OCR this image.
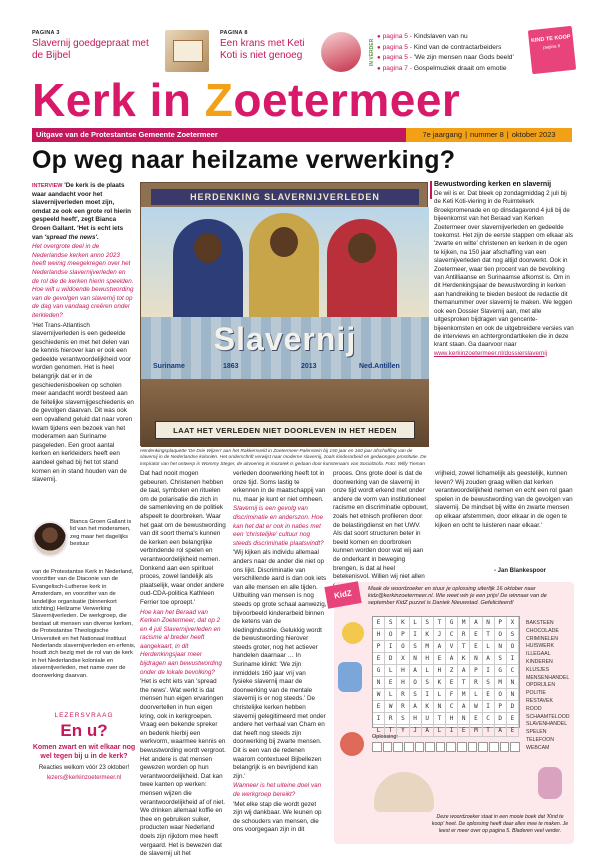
PAGINA 3
Slavernij goedgepraat met de Bijbel
PAGINA 8
Een krans met Keti Koti is niet genoeg	IN VERDER
● pagina 5 - Kindslaven van nu
● pagina 5 - Kind van de contractarbeiders
● pagina 5 - 'We zijn mensen naar Gods beeld'
● pagina 7 - Gospelmuziek draait om emotie
KIND TE KOOP
pagina 6
Kerk in Zoetermeer
Uitgave van de Protestantse Gemeente Zoetermeer	7e jaargang | nummer 8 | oktober 2023
Op weg naar heilzame verwerking?

INTERVIEW 'De kerk is de plaats waar aandacht voor het slavernijverleden moet zijn, omdat ze ook een grote rol hierin gespeeld heeft', zegt Bianca Groen Gallant. 'Het is echt iets van 'spread the news'.

Het overgrote deel in de Nederlandse kerken anno 2023 heeft weinig meegekregen over het Nederlandse slavernijverleden en de rol die de kerken hierin speelden. Hoe wilt u wildoende bewustwording van de gevolgen van slavernij tot op de dag van vandaag creëren onder iterkleden?

'Het Trans-Atlantisch slavernijverleden is een gedeelde geschiedenis en met het delen van de kennis hierover kan er ook een gedeelde verantwoordelijkheid voor worden genomen. Het is heel belangrijk dat er in de geschiedenisboeken op scholen meer aandacht wordt besteed aan de feitelijke slavernijgeschiedenis en de gevolgen daarvan. Dit was ook een opvallend geluid dat naar voren kwam tijdens een bezoek van het moderamen aan Suriname pasgeleden. Een groot aantal kerken en kerkleiders heeft een aandeel gehad bij het tot stand komen en in stand houden van de slavernij.

HERDENKING SLAVERNIJVERLEDEN
Slavernij
Suriname	1863	2013	Ned.Antillen
LAAT HET VERLEDEN NIET DOORLEVEN IN HET HEDEN
Herdenkingsplaquette 'De Drie Wijzen' aan het Rakkersveld in Zoetermeer-Palenstein bij 150 jaar en 160 jaar afschaffing van de slavernij in de Nederlandse koloniën. Het onderschrift verwijst naar moderne slavernij, zoals kinderarbeid en gedwongen prostitutie. De inspirator van het ontwerp is Wommy Steger, de uitvoering in mozaïek is gedaan door kunstenaars van SocialSofa. Foto: Willy Tieman
Bewustwording kerken en slavernij

De wil is er. Dat bleek op zondagmiddag 2 juli bij de Keti Koti-viering in de Ruimtekerk Broekpromenade en op dinsdagavond 4 juli bij de bijeenkomst van het Beraad van Kerken Zoetermeer over slavernijverleden en gedeelde toekomst. Het zijn de eerste stappen om elkaar als 'zwarte en witte' christenen en kerken in de ogen te kijken, na 150 jaar afschaffing van een slavernijverleden dat nog altijd doorwerkt. Ook in Zoetermeer, waar tien procent van de bevolking van Antilliaanse en Surinaamse afkomst is. Om in dit Herdenkingsjaar de bewustwording in kerken aan handreiking te bieden besloot de redactie dit themanummer over slavernij te maken. We leggen ook een Dossier Slavernij aan, met alle uitgesproken bijdragen van gencente-bijeenkomsten en ook de uitgebreidere versies van de interviews en achtergrondartikelen die in deze krant staan. Ga daarvoor naar www.kerkinzoetermeer.nl/dossierslavernij

Bianca Groen Gallant is lid van het moderamen, zeg maar het dagelijks bestuur
van de Protestantse Kerk in Nederland, voorzitter van de Diaconie van de Evangelisch-Lutherse kerk in Amsterdam, en voorzitter van de landelijke organisatie (binnenkort stichting) Heilzame Verwerking Slavernijverleden. De werkgroep, die bestaat uit mensen van diverse kerken, de Protestantse Theologische Universiteit en het Nationaal instituut Nederlands slavernijverleden en erfenis, houdt zich bezig met de rol van de kerk in het Nederlandse koloniale en slavernijverleden, met name over de doorwerking daarvan.
LEZERSVRAAG
En u?
Komen zwart en wit elkaar nog wel tegen bij u in de kerk?
Reacties welkom vóór 23 oktober!
lezers@kerkinzoetermeer.nl

Dat had nooit mogen gebeuren. Christenen hebben de taal, symbolen en rituelen om de polarisatie die zich in de samenleving en de politiek afspeelt te doorbreken. Waar het gaat om de bewustwording van dit soort thema's kunnen de kerken een belangrijke verbindende rol spelen en verantwoordelijkheid nemen. Donkend aan een spirituel proces, zowel landelijk als plaatselijk, waar onder andere oud-CDA-politica Kathleen Ferrier toe oproept.'

Hoe kan het Beraad van Kerken Zoetermeer, dat op 2 en 4 juli Slavernijverleden en racisme al breder heeft aangekaart, in dit Herdenkingsjaar meer bijdragen aan bewustwording onder de lokale bevolking?

'Het is echt iets van 'spread the news'. Wat werkt is dat mensen hun eigen ervaringen doorvertellen in hun eigen kring, ook in kerkgroepen. Vraag een bekende spreker en bedenk hierbij een werkvorm, waarmee kennis en bewustwording wordt vergroot. Het andere is dat mensen gewezen worden op hun verantwoordelijkheid. Dat kan twee kanten op werken: mensen wijzen die verantwoordelijkheid af of niet. We drinken allemaal koffie en thee en gebruiken suiker, producten waar Nederland doels zijn rijkdom mee heeft vergaard. Het is bewezen dat de slavernij uit het

verleden doorwerking heeft tot in onze tijd. Soms lastig te erkennen in de maatschappij van nu, maar je kunt er niet omheen.

Slavernij is een gevolg van discriminatie en anderszon. Hoe kan het dat er ook in naties met een 'christelijke' cultuur nog steeds discriminatie plaatsvindt?

'Wij kijken als individu allemaal anders naar de ander die niet op ons lijkt. Discriminatie van verschillende aard is dan ook iets van alle mensen en alle tijden. Uitbuiting van mensen is nog steeds op grote schaal aanwezig, bijvoorbeeld kinderarbeid binnen de ketens van de kledingindustrie. Gelukkig wordt de bewustwording hierover steeds groter, nog het actiever handelen daarnaar … In Suriname klinkt: 'We zijn inmiddels 160 jaar vrij van fysieke slavernij maar de doorwerking van de mentale slavernij is er nog steeds.' De christelijke kerken hebben slavernij gelegitimeerd met onder andere het verhaal van Cham en dat heeft nog steeds zijn doorwerking bij zwarte mensen. Dit is een van de redenen waarom contextueel Bijbellezen belangrijk is en bevrijdend kan zijn.'

Wanneer is het uiteine doel van de werkgroep bereikt?

'Met elke stap die wordt gezet zijn wij dankbaar. We leunen op de schouders van mensen, die ons voorgegaan zijn in dit

proces. Ons grote doel is dat de doorwerking van de slavernij in onze tijd wordt erkend met onder andere de vorm van institutioneel racisme en discriminatie opbouwt, zoals het etnisch profileren door de belastingdienst en het UWV. Als dat soort structuren beter in beeld komen en doorbroken kunnen worden door wat wij aan de onderkant in beweging brengen, is dat al heel betekenisvol. Willen wij niet allen

vrijheid, zowel lichamelijk als geestelijk, kunnen leven? Wij zouden graag willen dat kerken verantwoordelijkheid nemen en echt een rol gaan spelen in de bewustwording van de gevolgen van slavernij. De mindset bij witte én zwarte mensen op elkaar afstemmen, door elkaar in de ogen te kijken en ocht te luisteren naar elkaar.'

- Jan Blankespoor
KidZ	Maak de woordzoeker en stuur je oplossing uiterlijk 16 oktober naar kidz@kerkinzoetermeer.nl. Wie weet win je een prijs! De winnaar van de september KidZ puzzel is Daniek Nieuwstad. Gefeliciteerd!
E	S	K	L	S	T	G	M	A	N	P	X
H	O	P	I	K	J	C	R	E	T	O	S
P	I	O	S	M	A	V	T	E	L	N	O
E	D	X	N	H	E	A	K	N	A	S	I
G	L	H	A	L	H	Z	A	P	I	G	C
N	E	H	O	S	K	E	T	R	S	M	N
W	L	R	S	I	L	F	M	L	E	O	N
E	W	R	A	K	N	C	A	W	I	P	D
I	R	S	H	U	T	H	N	E	C	D	E
L	T	Y	J	A	L	I	E	M	T	A	E
BAKSTEEN
CHOCOLADE
CRIMINELEN
HUISWERK
ILLEGAAL
KINDEREN
KLUSJES
MENSENHANDEL
OPDRIJLEN
POLITIE
RESTAVEK
ROOD
SCHAAMTELOOD
SLAVENHANDEL
SPELEN
TELEFOON
WEBCAM
Oplossing:
Deze woordzoeker staat in een mooie boek dat 'Kind te koop' heet. De oplossing heeft daar alles mee te maken. Je leest er meer over op pagina 5. Bladeren veel verder.
